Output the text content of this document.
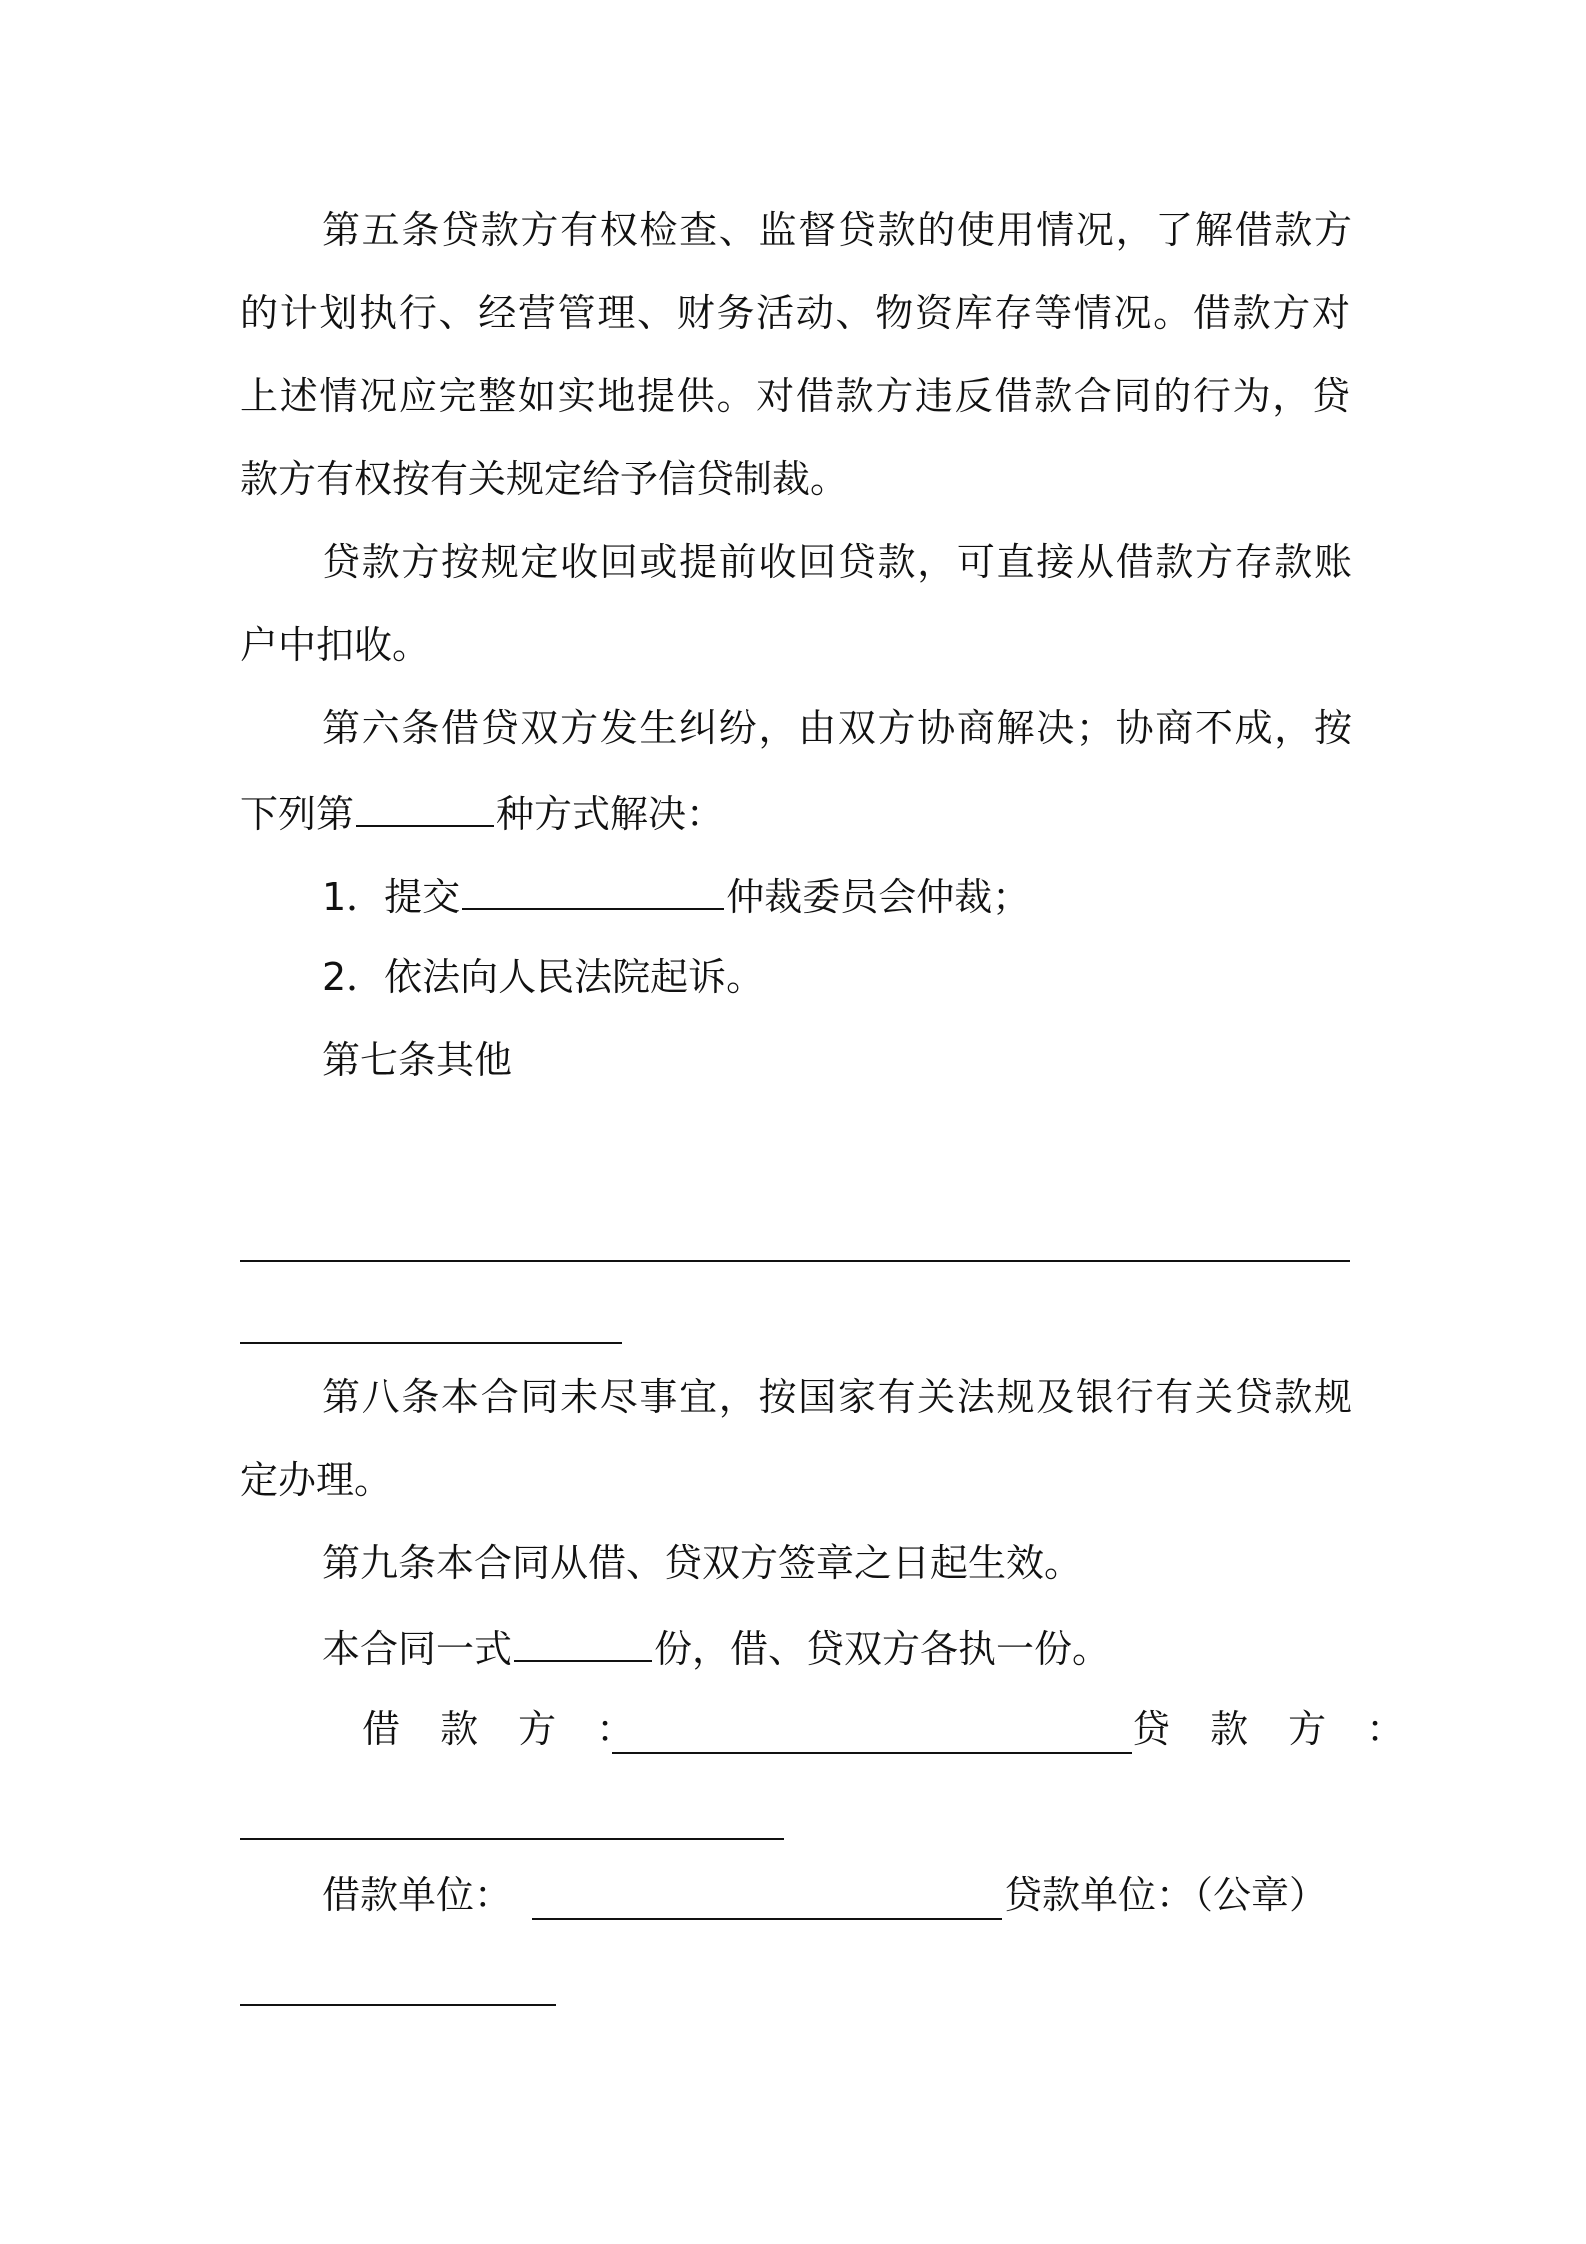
第五条贷款方有权检查、监督贷款的使用情况，了解借款方
的计划执行、经营管理、财务活动、物资库存等情况。借款方对
上述情况应完整如实地提供。对借款方违反借款合同的行为，贷
款方有权按有关规定给予信贷制裁。
贷款方按规定收回或提前收回贷款，可直接从借款方存款账
户中扣收。
第六条借贷双方发生纠纷，由双方协商解决；协商不成，按
下列第	种方式解决：
1．提交	仲裁委员会仲裁；
2．依法向人民法院起诉。
第七条其他
第八条本合同未尽事宜，按国家有关法规及银行有关贷款规
定办理。
第九条本合同从借、贷双方签章之日起生效。
本合同一式	份，借、贷双方各执一份。
借 款 方 ：	贷 款 方 ：
借款单位：	贷款单位：（公章）
